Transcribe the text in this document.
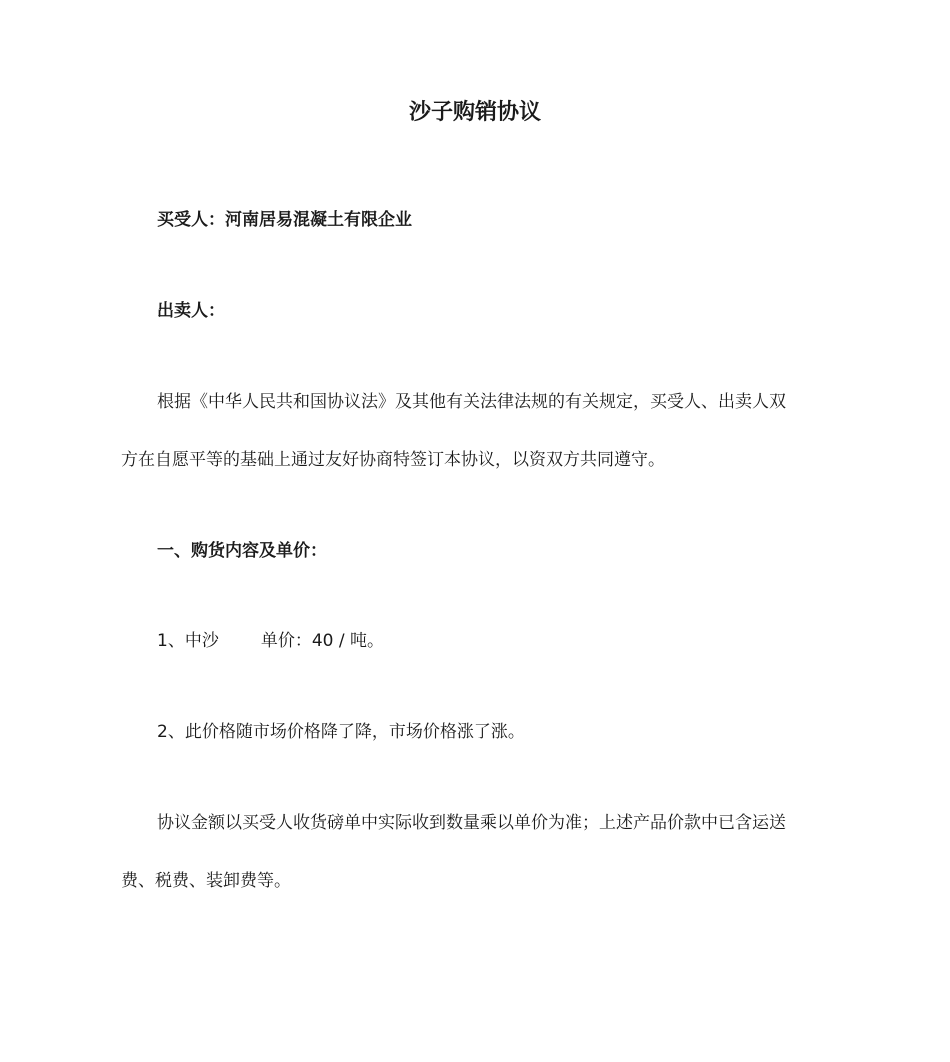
沙子购销协议
买受人：河南居易混凝土有限企业
出卖人：
根据《中华人民共和国协议法》及其他有关法律法规的有关规定，买受人、出卖人双
方在自愿平等的基础上通过友好协商特签订本协议，以资双方共同遵守。
一、购货内容及单价：
1、中沙 单价：40 / 吨。
2、此价格随市场价格降了降，市场价格涨了涨。
协议金额以买受人收货磅单中实际收到数量乘以单价为准；上述产品价款中已含运送
费、税费、装卸费等。
